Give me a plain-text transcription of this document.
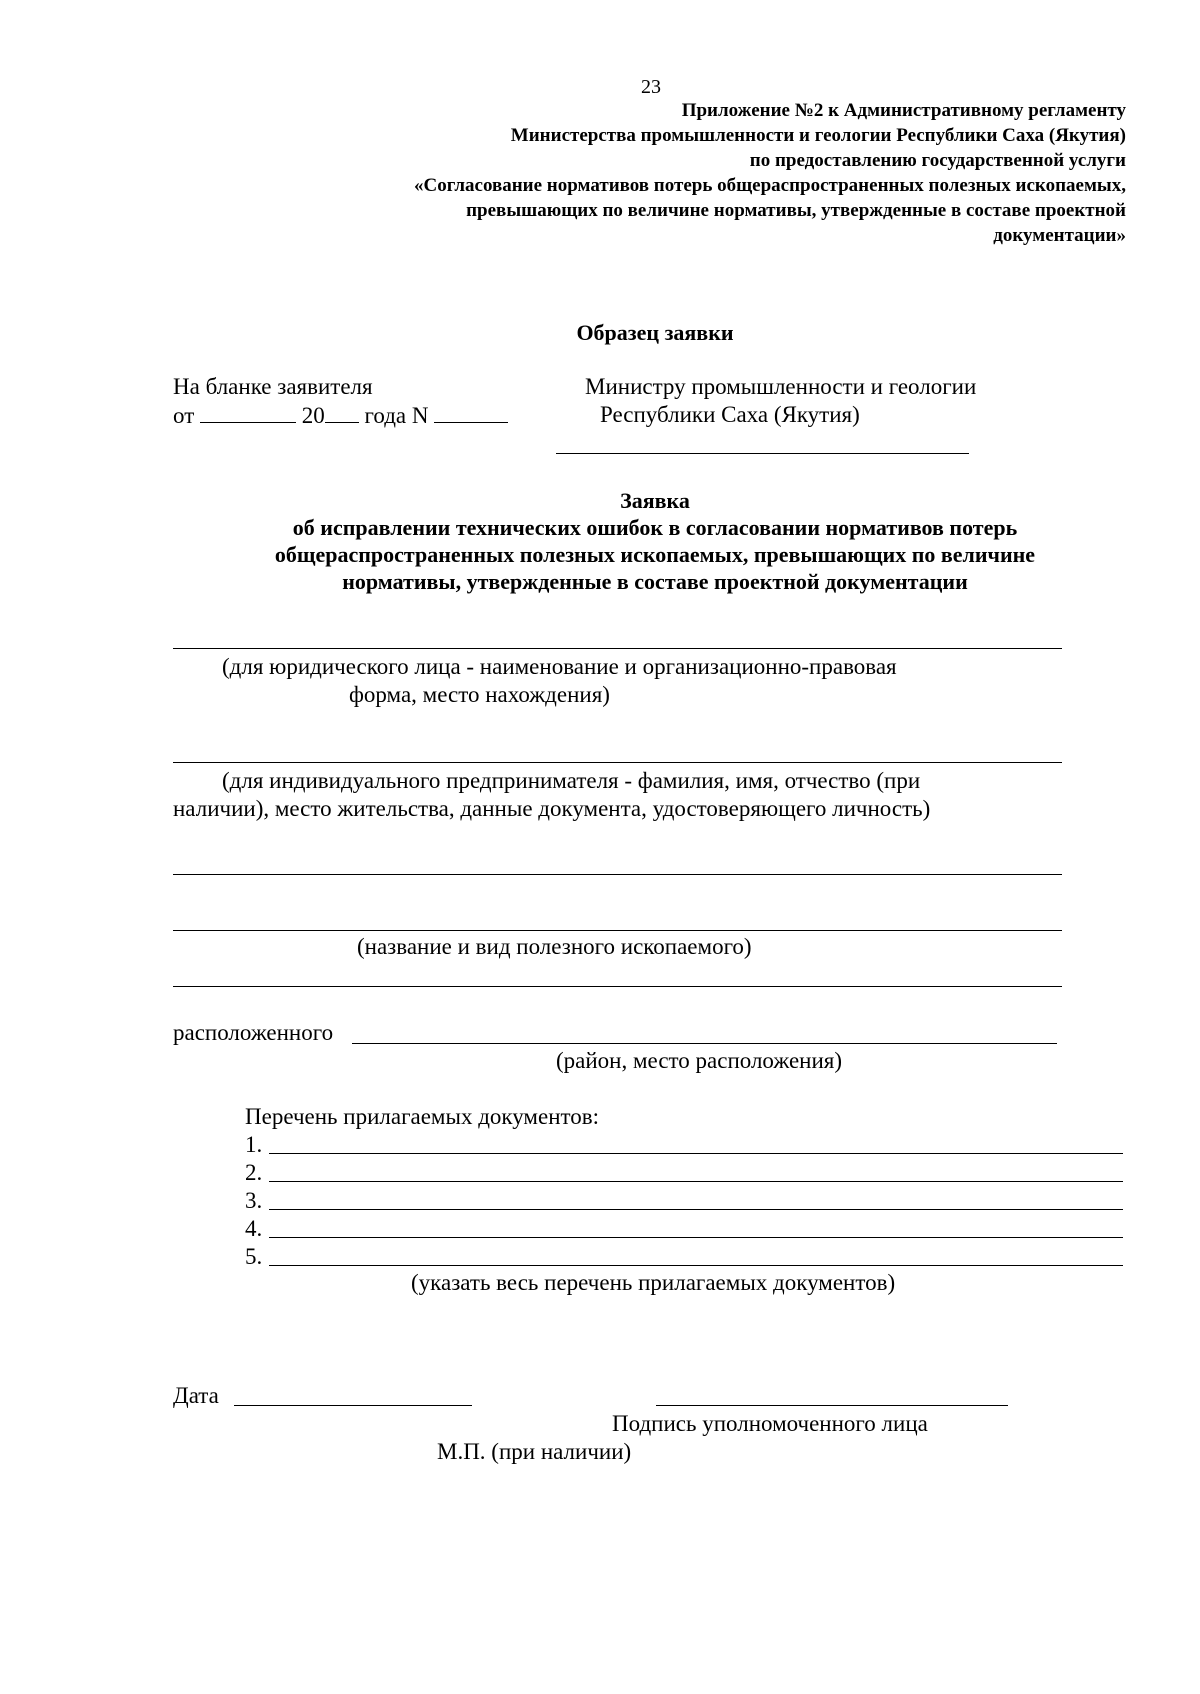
23
Приложение №2 к Административному регламенту
Министерства промышленности и геологии Республики Саха (Якутия)
по предоставлению государственной услуги
«Согласование нормативов потерь общераспространенных полезных ископаемых,
превышающих по величине нормативы, утвержденные в составе проектной
документации»
Образец заявки
На бланке заявителя
от	20 года N
Министру промышленности и геологии
Республики Саха (Якутия)
Заявка
об исправлении технических ошибок в согласовании нормативов потерь
общераспространенных полезных ископаемых, превышающих по величине
нормативы, утвержденные в составе проектной документации
(для юридического лица - наименование и организационно-правовая
форма, место нахождения)
(для индивидуального предпринимателя - фамилия, имя, отчество (при
наличии), место жительства, данные документа, удостоверяющего личность)
(название и вид полезного ископаемого)
расположенного
(район, место расположения)
Перечень прилагаемых документов:
1.
2.
3.
4.
5.
(указать весь перечень прилагаемых документов)
Дата
Подпись уполномоченного лица
М.П. (при наличии)
